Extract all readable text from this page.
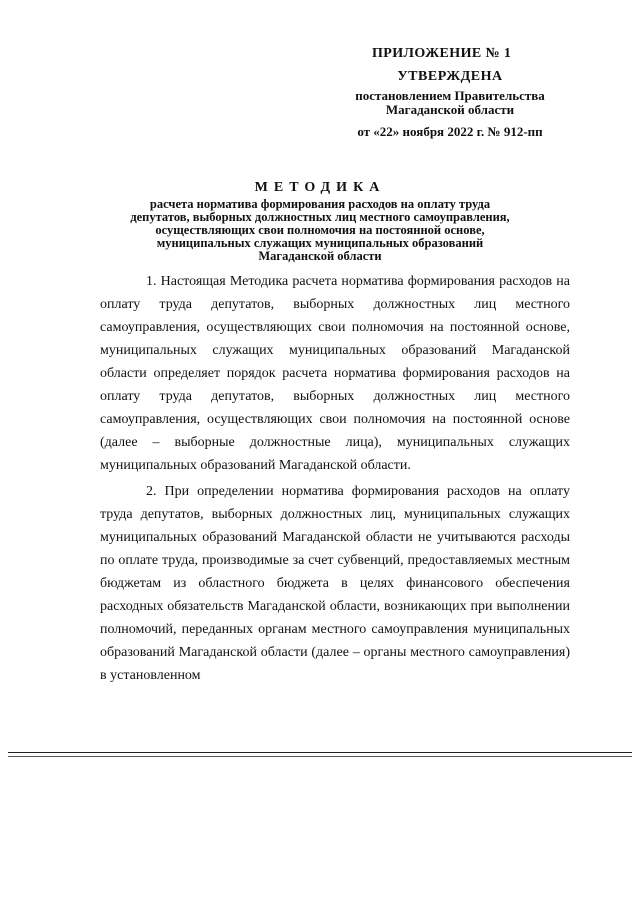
ПРИЛОЖЕНИЕ № 1
УТВЕРЖДЕНА
постановлением Правительства
Магаданской области
от «22» ноября 2022 г. № 912-пп
МЕТОДИКА
расчета норматива формирования расходов на оплату труда
депутатов, выборных должностных лиц местного самоуправления,
осуществляющих свои полномочия на постоянной основе,
муниципальных служащих муниципальных образований
Магаданской области

1. Настоящая Методика расчета норматива формирования расходов на оплату труда депутатов, выборных должностных лиц местного самоуправления, осуществляющих свои полномочия на постоянной основе, муниципальных служащих муниципальных образований Магаданской области определяет порядок расчета норматива формирования расходов на оплату труда депутатов, выборных должностных лиц местного самоуправления, осуществляющих свои полномочия на постоянной основе (далее – выборные должностные лица), муниципальных служащих муниципальных образований Магаданской области.

2. При определении норматива формирования расходов на оплату труда депутатов, выборных должностных лиц, муниципальных служащих муниципальных образований Магаданской области не учитываются расходы по оплате труда, производимые за счет субвенций, предоставляемых местным бюджетам из областного бюджета в целях финансового обеспечения расходных обязательств Магаданской области, возникающих при выполнении полномочий, переданных органам местного самоуправления муниципальных образований Магаданской области (далее – органы местного самоуправления) в установленном
